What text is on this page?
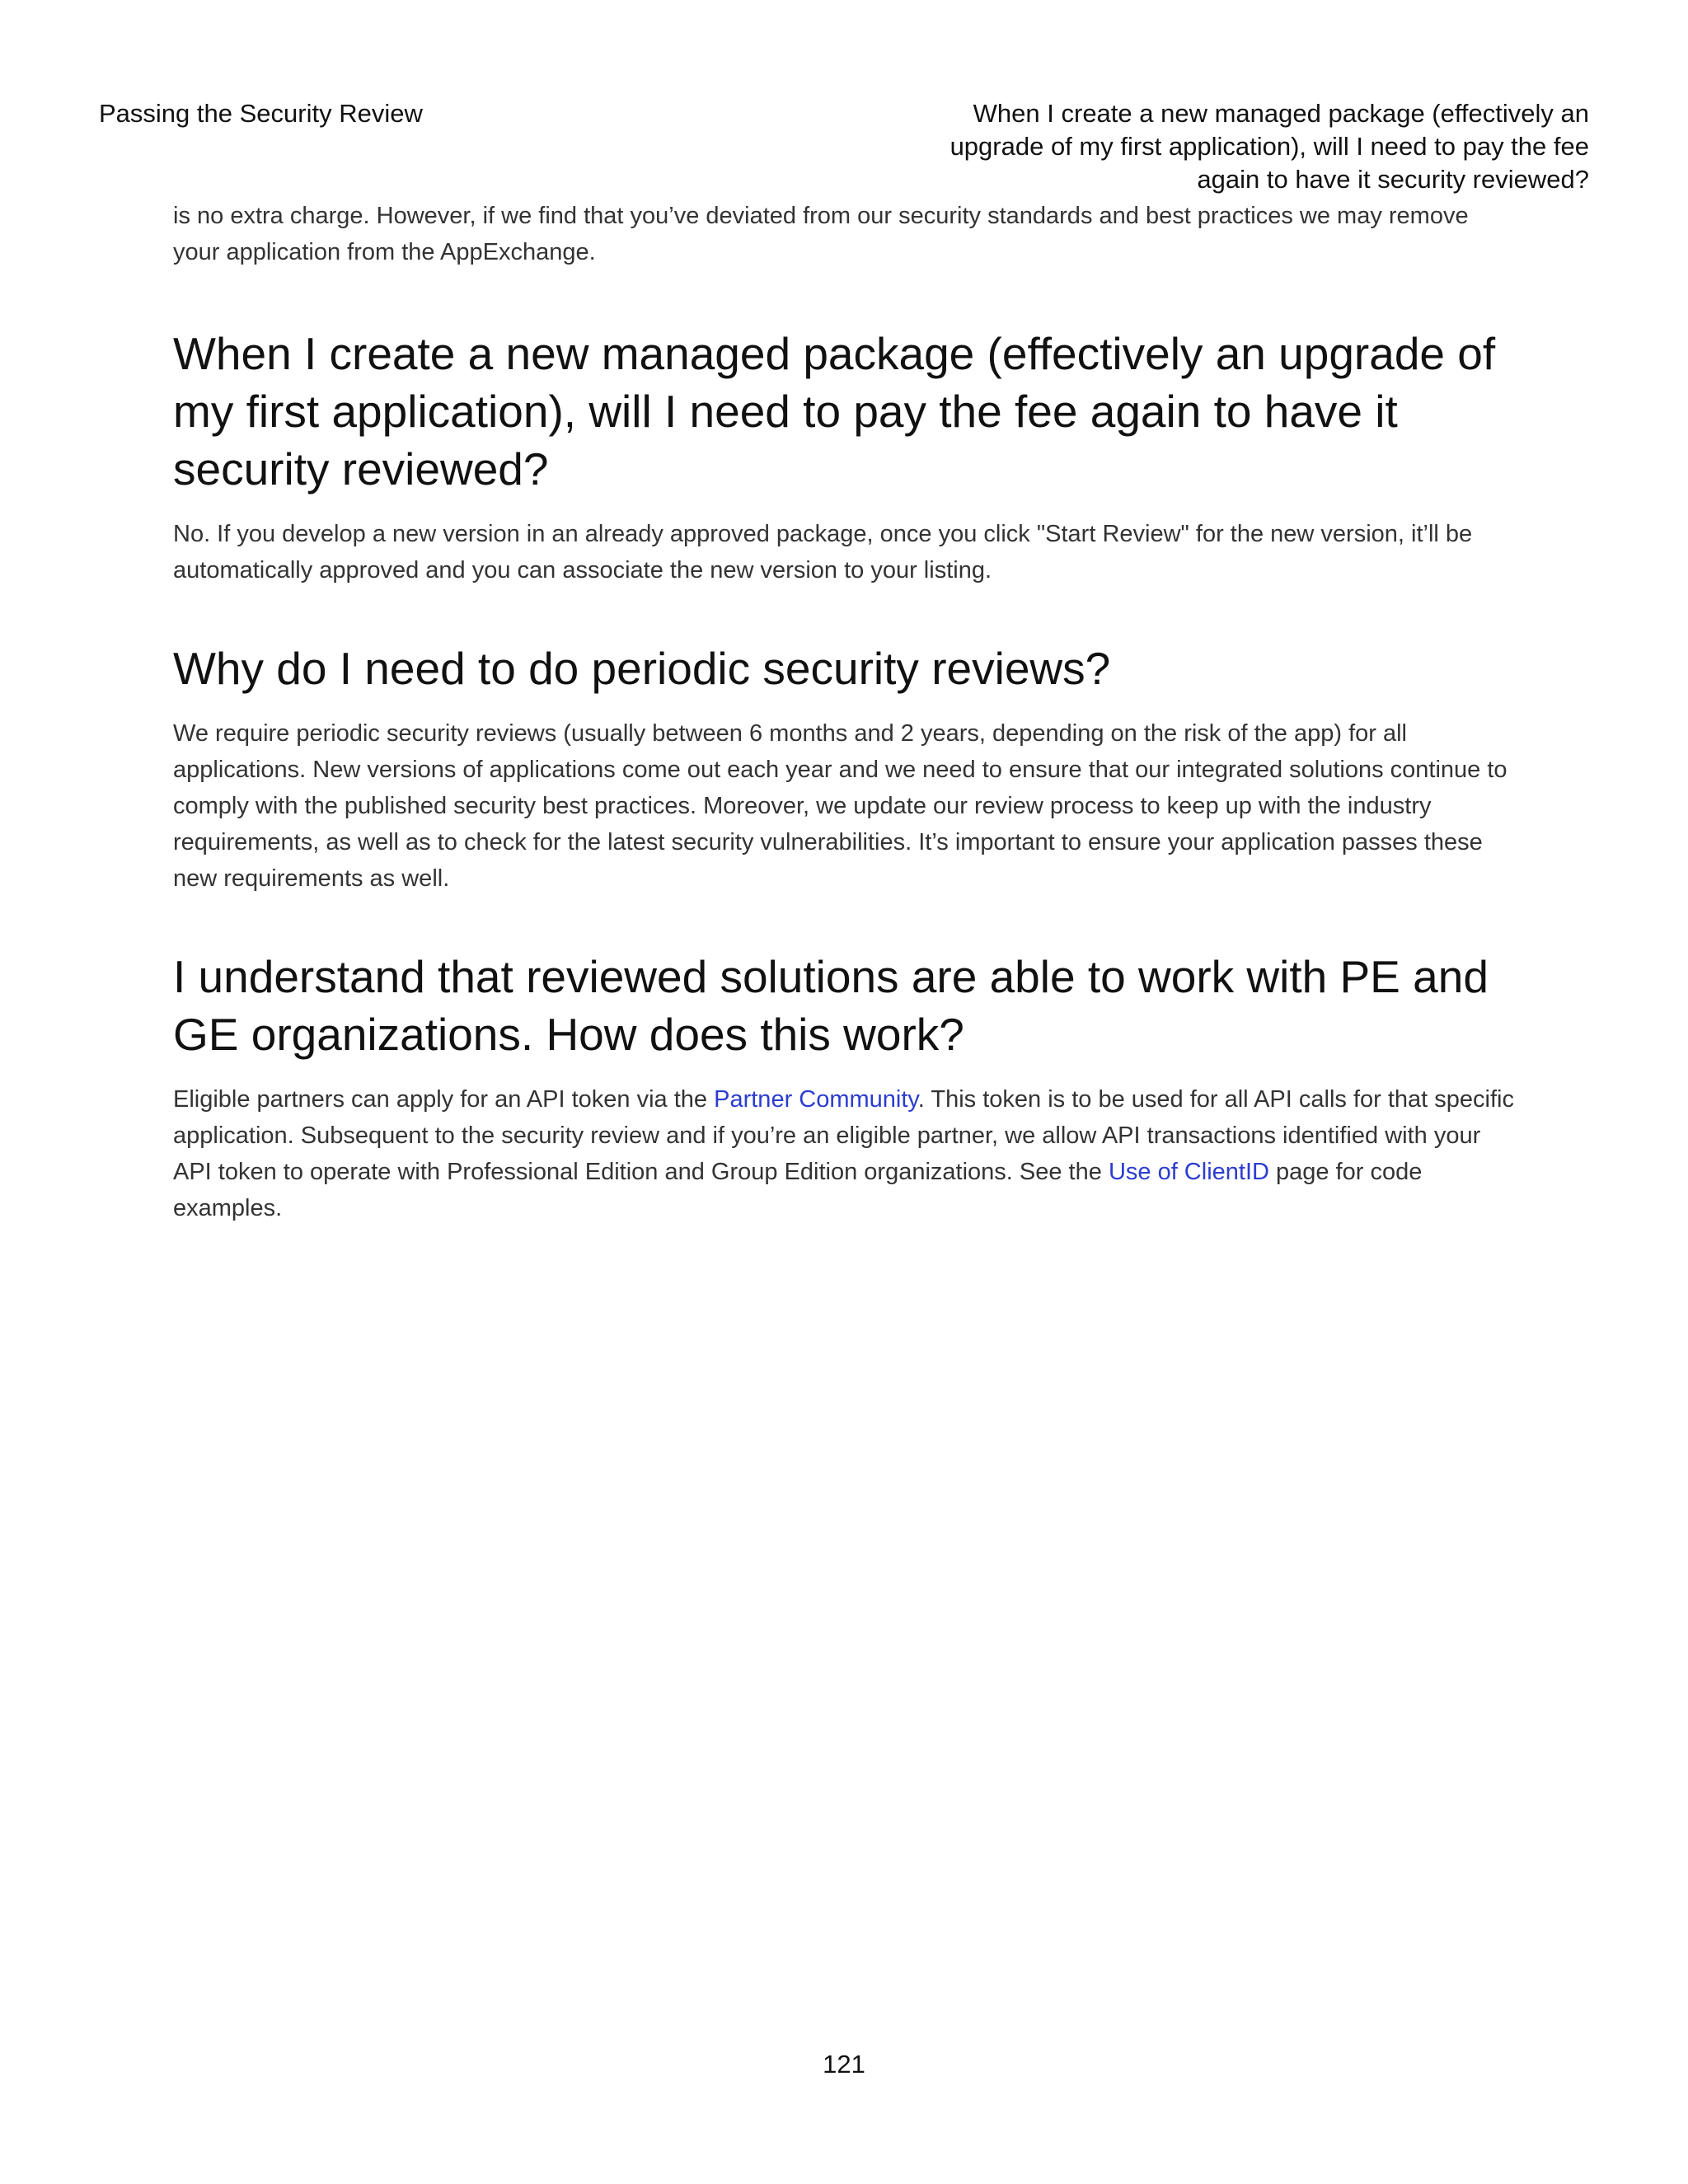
Passing the Security Review	When I create a new managed package (effectively an upgrade of my first application), will I need to pay the fee again to have it security reviewed?

is no extra charge. However, if we find that you’ve deviated from our security standards and best practices we may remove your application from the AppExchange.

When I create a new managed package (effectively an upgrade of my first application), will I need to pay the fee again to have it security reviewed?

No. If you develop a new version in an already approved package, once you click "Start Review" for the new version, it’ll be automatically approved and you can associate the new version to your listing.

Why do I need to do periodic security reviews?

We require periodic security reviews (usually between 6 months and 2 years, depending on the risk of the app) for all applications. New versions of applications come out each year and we need to ensure that our integrated solutions continue to comply with the published security best practices. Moreover, we update our review process to keep up with the industry requirements, as well as to check for the latest security vulnerabilities. It’s important to ensure your application passes these new requirements as well.

I understand that reviewed solutions are able to work with PE and GE organizations. How does this work?

Eligible partners can apply for an API token via the Partner Community. This token is to be used for all API calls for that specific application. Subsequent to the security review and if you’re an eligible partner, we allow API transactions identified with your API token to operate with Professional Edition and Group Edition organizations. See the Use of ClientID page for code examples.

121
